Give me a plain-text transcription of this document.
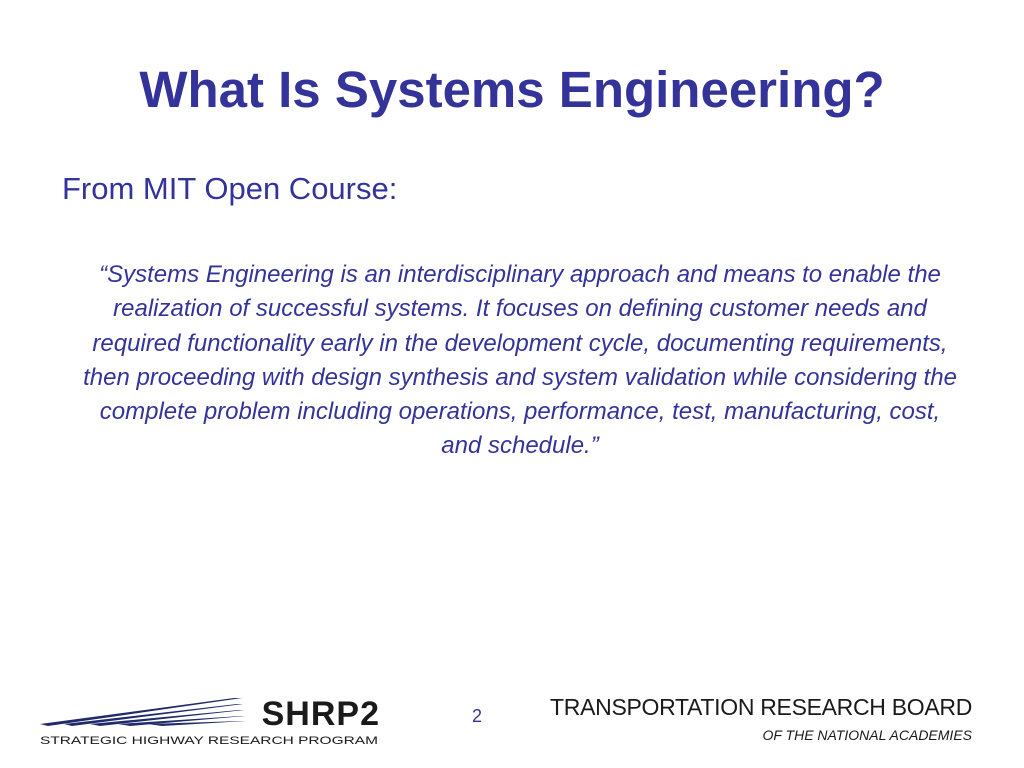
What Is Systems Engineering?

From MIT Open Course:

“Systems Engineering is an interdisciplinary approach and means to enable the realization of successful systems. It focuses on defining customer needs and required functionality early in the development cycle, documenting requirements, then proceeding with design synthesis and system validation while considering the complete problem including operations, performance, test, manufacturing, cost, and schedule.”

SHRP2
STRATEGIC HIGHWAY RESEARCH PROGRAM
2	TRANSPORTATION RESEARCH BOARD
OF THE NATIONAL ACADEMIES
